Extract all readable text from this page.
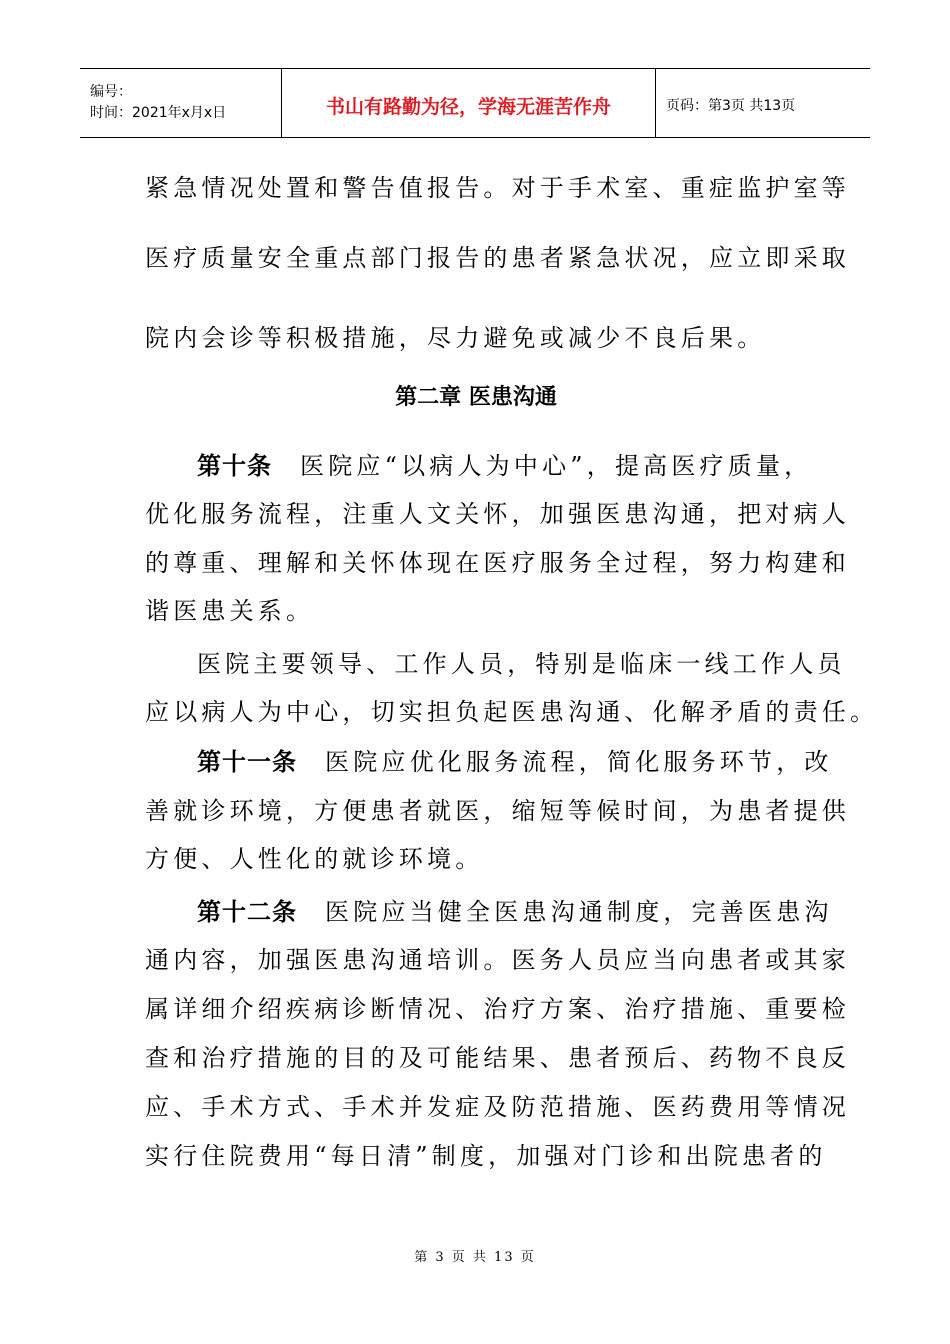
编号：
时间：2021年x月x日	书山有路勤为径，学海无涯苦作舟	页码：第3页 共13页
紧急情况处置和警告值报告。对于手术室、重症监护室等
医疗质量安全重点部门报告的患者紧急状况，应立即采取
院内会诊等积极措施，尽力避免或减少不良后果。
第二章 医患沟通
第十条 医院应“以病人为中心”，提高医疗质量，
优化服务流程，注重人文关怀，加强医患沟通，把对病人
的尊重、理解和关怀体现在医疗服务全过程，努力构建和
谐医患关系。
医院主要领导、工作人员，特别是临床一线工作人员
应以病人为中心，切实担负起医患沟通、化解矛盾的责任。
第十一条 医院应优化服务流程，简化服务环节，改
善就诊环境，方便患者就医，缩短等候时间，为患者提供
方便、人性化的就诊环境。
第十二条 医院应当健全医患沟通制度，完善医患沟
通内容，加强医患沟通培训。医务人员应当向患者或其家
属详细介绍疾病诊断情况、治疗方案、治疗措施、重要检
查和治疗措施的目的及可能结果、患者预后、药物不良反
应、手术方式、手术并发症及防范措施、医药费用等情况
实行住院费用“每日清”制度，加强对门诊和出院患者的
第 3 页 共 13 页
